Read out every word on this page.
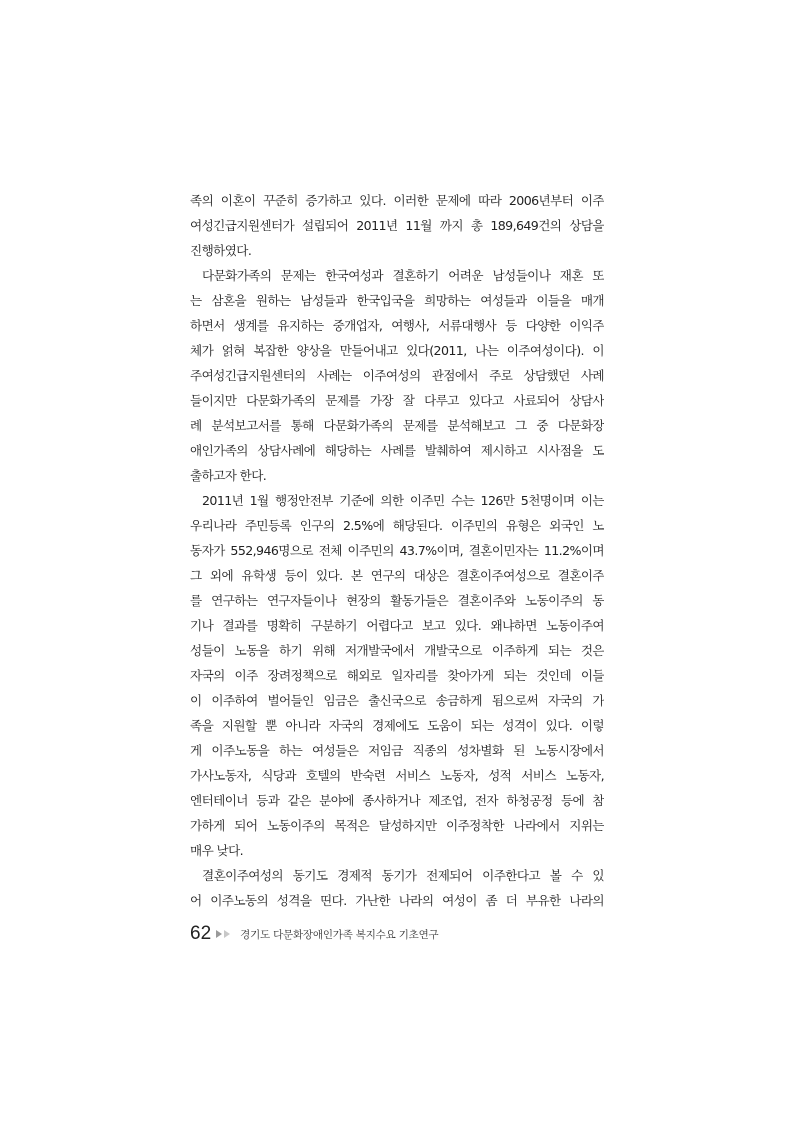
족의 이혼이 꾸준히 증가하고 있다. 이러한 문제에 따라 2006년부터 이주
여성긴급지원센터가 설립되어 2011년 11월 까지 총 189,649건의 상담을
진행하였다.
다문화가족의 문제는 한국여성과 결혼하기 어려운 남성들이나 재혼 또
는 삼혼을 원하는 남성들과 한국입국을 희망하는 여성들과 이들을 매개
하면서 생계를 유지하는 중개업자, 여행사, 서류대행사 등 다양한 이익주
체가 얽혀 복잡한 양상을 만들어내고 있다(2011, 나는 이주여성이다). 이
주여성긴급지원센터의 사례는 이주여성의 관점에서 주로 상담했던 사례
들이지만 다문화가족의 문제를 가장 잘 다루고 있다고 사료되어 상담사
례 분석보고서를 통해 다문화가족의 문제를 분석해보고 그 중 다문화장
애인가족의 상담사례에 해당하는 사례를 발췌하여 제시하고 시사점을 도
출하고자 한다.
2011년 1월 행정안전부 기준에 의한 이주민 수는 126만 5천명이며 이는
우리나라 주민등록 인구의 2.5%에 해당된다. 이주민의 유형은 외국인 노
동자가 552,946명으로 전체 이주민의 43.7%이며, 결혼이민자는 11.2%이며
그 외에 유학생 등이 있다. 본 연구의 대상은 결혼이주여성으로 결혼이주
를 연구하는 연구자들이나 현장의 활동가들은 결혼이주와 노동이주의 동
기나 결과를 명확히 구분하기 어렵다고 보고 있다. 왜냐하면 노동이주여
성들이 노동을 하기 위해 저개발국에서 개발국으로 이주하게 되는 것은
자국의 이주 장려정책으로 해외로 일자리를 찾아가게 되는 것인데 이들
이 이주하여 벌어들인 임금은 출신국으로 송금하게 됨으로써 자국의 가
족을 지원할 뿐 아니라 자국의 경제에도 도움이 되는 성격이 있다. 이렇
게 이주노동을 하는 여성들은 저임금 직종의 성차별화 된 노동시장에서
가사노동자, 식당과 호텔의 반숙련 서비스 노동자, 성적 서비스 노동자,
엔터테이너 등과 같은 분야에 종사하거나 제조업, 전자 하청공정 등에 참
가하게 되어 노동이주의 목적은 달성하지만 이주정착한 나라에서 지위는
매우 낮다.
결혼이주여성의 동기도 경제적 동기가 전제되어 이주한다고 볼 수 있
어 이주노동의 성격을 띤다. 가난한 나라의 여성이 좀 더 부유한 나라의
62	경기도 다문화장애인가족 복지수요 기초연구
